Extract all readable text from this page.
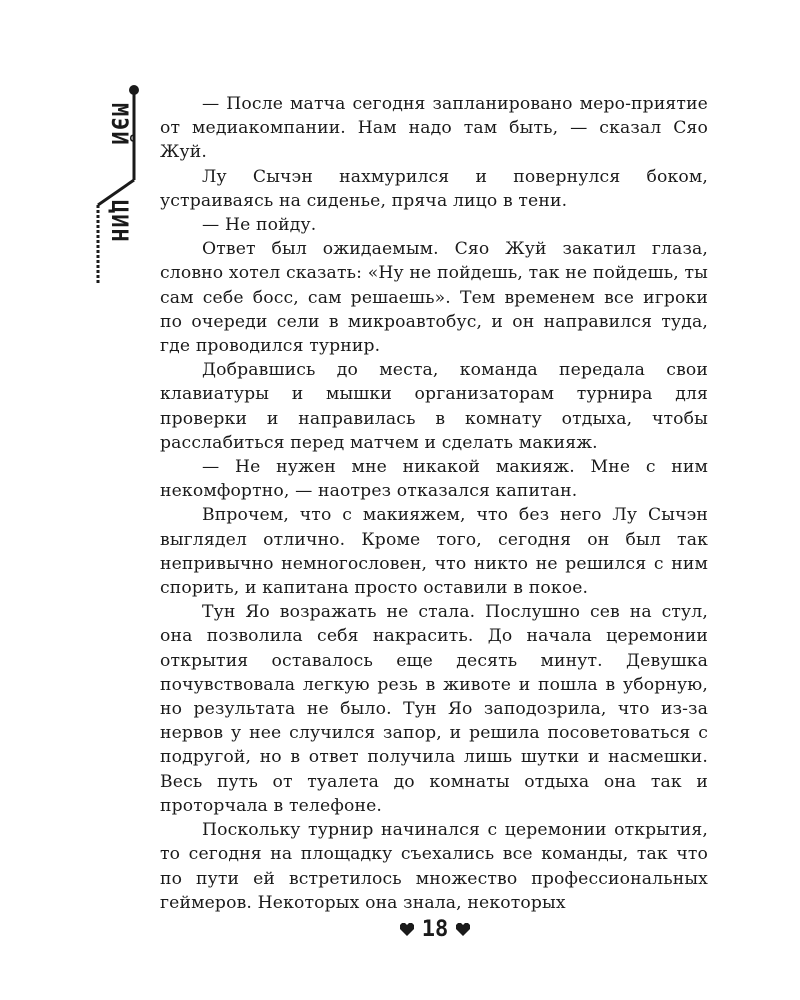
МЭЙ
ЦИН

— После матча сегодня запланировано меро-приятие от медиакомпании. Нам надо там быть, — сказал Сяо Жуй.

Лу Сычэн нахмурился и повернулся боком, устраиваясь на сиденье, пряча лицо в тени.

— Не пойду.

Ответ был ожидаемым. Сяо Жуй закатил глаза, словно хотел сказать: «Ну не пойдешь, так не пойдешь, ты сам себе босс, сам решаешь». Тем временем все игроки по очереди сели в микроавтобус, и он направился туда, где проводился турнир.

Добравшись до места, команда передала свои клавиатуры и мышки организаторам турнира для проверки и направилась в комнату отдыха, чтобы расслабиться перед матчем и сделать макияж.

— Не нужен мне никакой макияж. Мне с ним некомфортно, — наотрез отказался капитан.

Впрочем, что с макияжем, что без него Лу Сычэн выглядел отлично. Кроме того, сегодня он был так непривычно немногословен, что никто не решился с ним спорить, и капитана просто оставили в покое.

Тун Яо возражать не стала. Послушно сев на стул, она позволила себя накрасить. До начала церемонии открытия оставалось еще десять минут. Девушка почувствовала легкую резь в животе и пошла в уборную, но результата не было. Тун Яо заподозрила, что из-за нервов у нее случился запор, и решила посоветоваться с подругой, но в ответ получила лишь шутки и насмешки. Весь путь от туалета до комнаты отдыха она так и проторчала в телефоне.

Поскольку турнир начинался с церемонии открытия, то сегодня на площадку съехались все команды, так что по пути ей встретилось множество профессиональных геймеров. Некоторых она знала, некоторых

18
